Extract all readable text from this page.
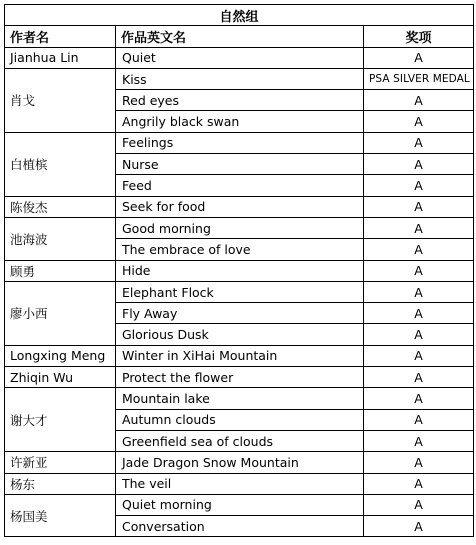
自然组		
作者名	作品英文名	奖项
Jianhua Lin	Quiet	A
肖戈	Kiss	PSA SILVER MEDAL
	Red eyes	A
	Angrily black swan	A
白植槟	Feelings	A
	Nurse	A
	Feed	A
陈俊杰	Seek for food	A
池海波	Good morning	A
	The embrace of love	A
顾勇	Hide	A
廖小西	Elephant Flock	A
	Fly Away	A
	Glorious Dusk	A
Longxing Meng	Winter in XiHai Mountain	A
Zhiqin Wu	Protect the flower	A
谢大才	Mountain lake	A
	Autumn clouds	A
	Greenfield sea of clouds	A
许新亚	Jade Dragon Snow Mountain	A
杨东	The veil	A
杨国美	Quiet morning	A
	Conversation	A
